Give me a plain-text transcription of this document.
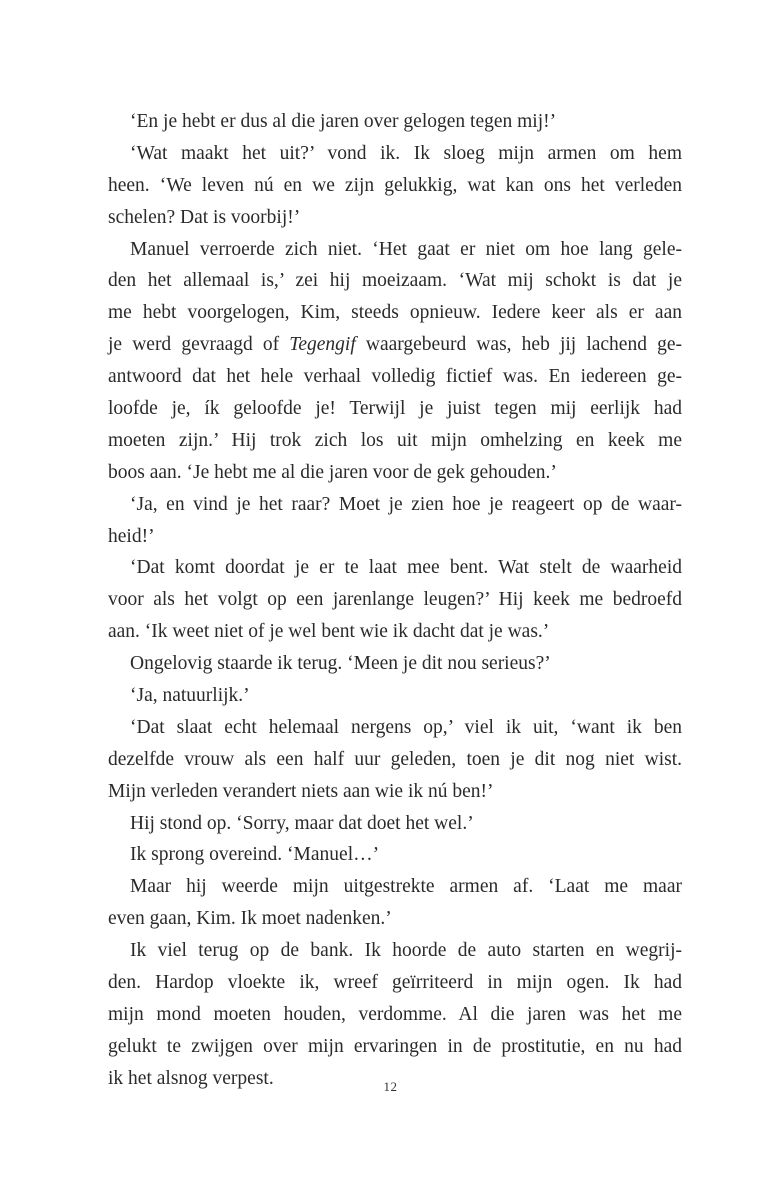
‘En je hebt er dus al die jaren over gelogen tegen mij!’
‘Wat maakt het uit?’ vond ik. Ik sloeg mijn armen om hem
heen. ‘We leven nú en we zijn gelukkig, wat kan ons het verleden
schelen? Dat is voorbij!’
Manuel verroerde zich niet. ‘Het gaat er niet om hoe lang gele-
den het allemaal is,’ zei hij moeizaam. ‘Wat mij schokt is dat je
me hebt voorgelogen, Kim, steeds opnieuw. Iedere keer als er aan
je werd gevraagd of Tegengif waargebeurd was, heb jij lachend ge-
antwoord dat het hele verhaal volledig fictief was. En iedereen ge-
loofde je, ík geloofde je! Terwijl je juist tegen mij eerlijk had
moeten zijn.’ Hij trok zich los uit mijn omhelzing en keek me
boos aan. ‘Je hebt me al die jaren voor de gek gehouden.’
‘Ja, en vind je het raar? Moet je zien hoe je reageert op de waar-
heid!’
‘Dat komt doordat je er te laat mee bent. Wat stelt de waarheid
voor als het volgt op een jarenlange leugen?’ Hij keek me bedroefd
aan. ‘Ik weet niet of je wel bent wie ik dacht dat je was.’
Ongelovig staarde ik terug. ‘Meen je dit nou serieus?’
‘Ja, natuurlijk.’
‘Dat slaat echt helemaal nergens op,’ viel ik uit, ‘want ik ben
dezelfde vrouw als een half uur geleden, toen je dit nog niet wist.
Mijn verleden verandert niets aan wie ik nú ben!’
Hij stond op. ‘Sorry, maar dat doet het wel.’
Ik sprong overeind. ‘Manuel…’
Maar hij weerde mijn uitgestrekte armen af. ‘Laat me maar
even gaan, Kim. Ik moet nadenken.’
Ik viel terug op de bank. Ik hoorde de auto starten en wegrij-
den. Hardop vloekte ik, wreef geïrriteerd in mijn ogen. Ik had
mijn mond moeten houden, verdomme. Al die jaren was het me
gelukt te zwijgen over mijn ervaringen in de prostitutie, en nu had
ik het alsnog verpest.	12
